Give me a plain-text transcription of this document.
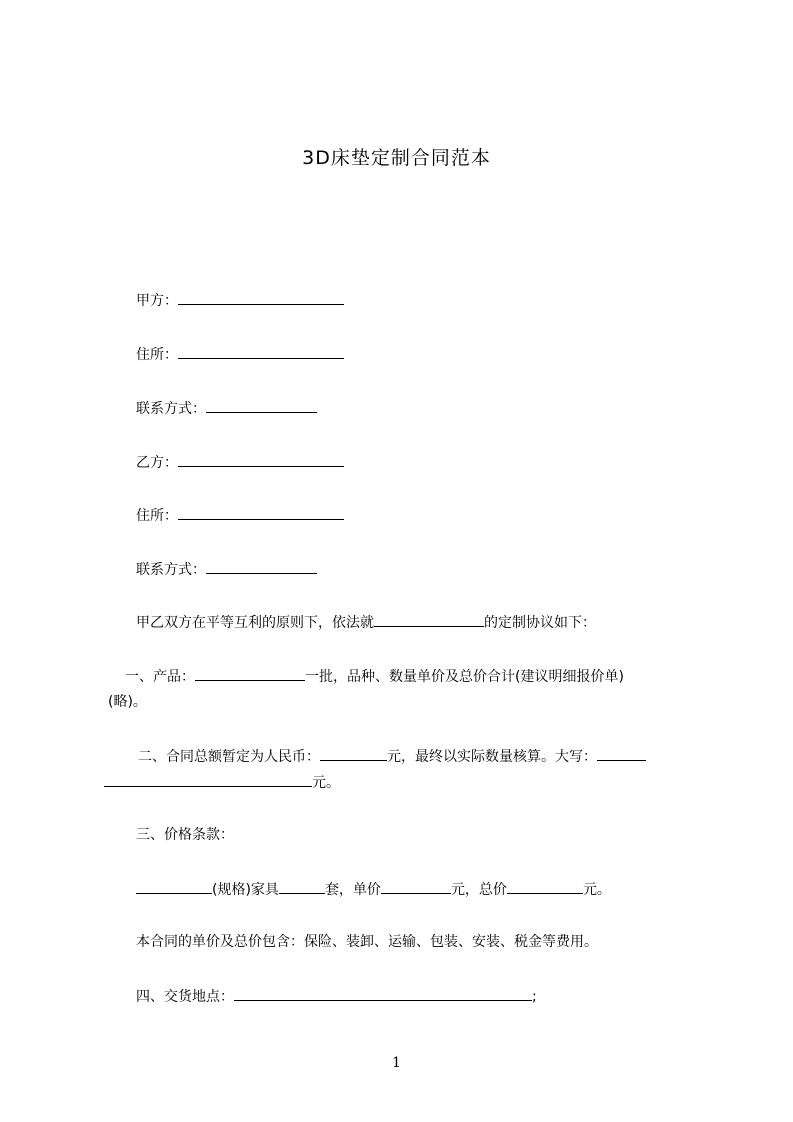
3D床垫定制合同范本
甲方：
住所：
联系方式：
乙方：
住所：
联系方式：
甲乙双方在平等互利的原则下，依法就	的定制协议如下：
一、产品：	一批，品种、数量单价及总价合计(建议明细报价单)
(略)。
二、合同总额暂定为人民币：	元，最终以实际数量核算。大写：
元。
三、价格条款：
(规格)家具	套，单价	元，总价	元。
本合同的单价及总价包含：保险、装卸、运输、包装、安装、税金等费用。
四、交货地点：	;
1
